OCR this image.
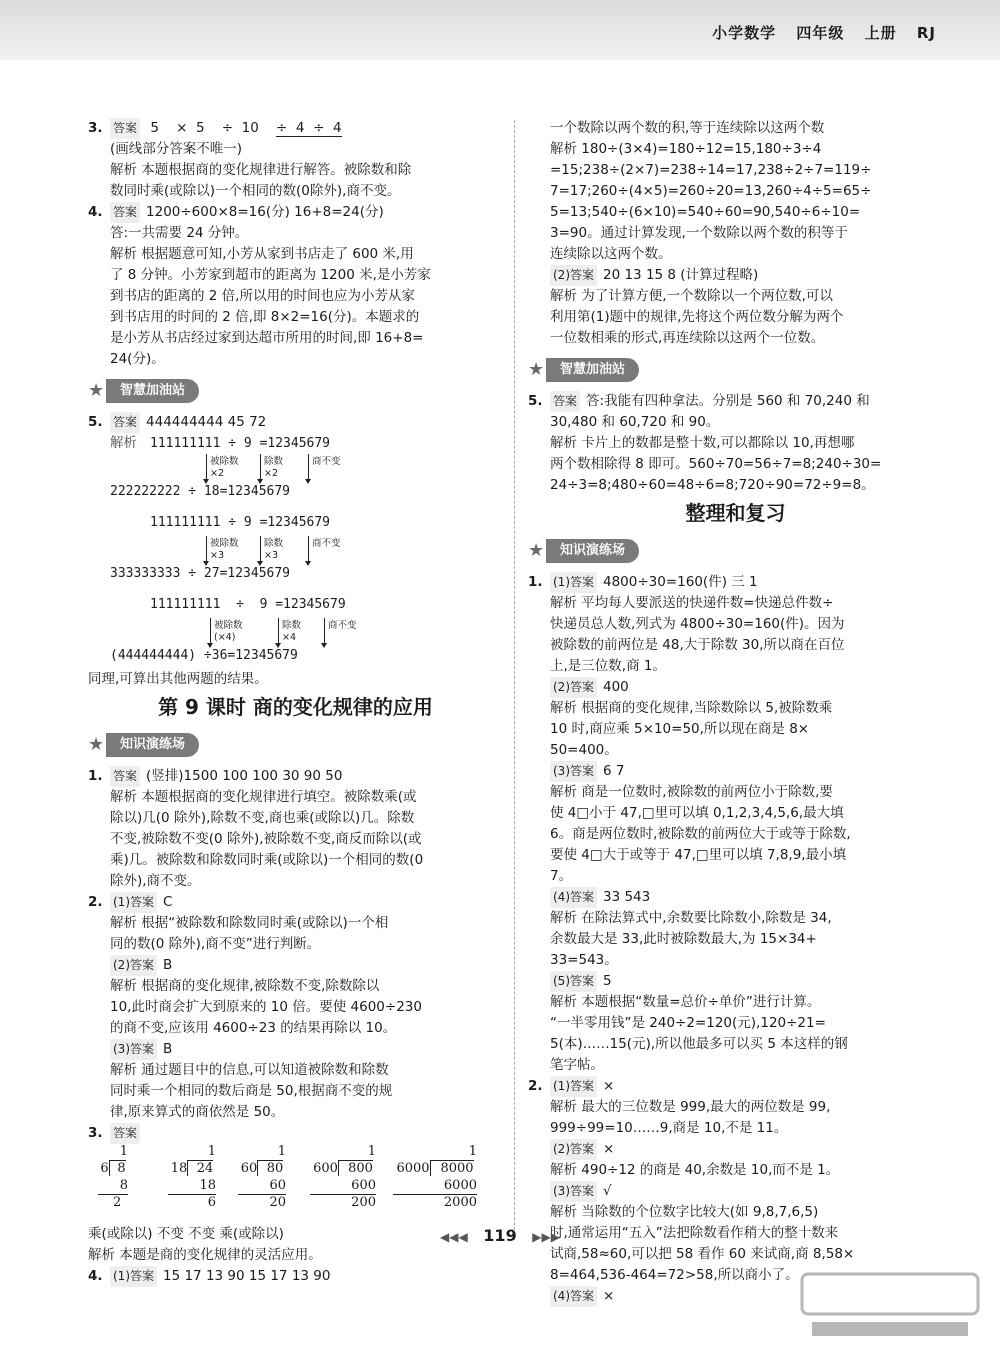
小学数学 四年级 上册 RJ
3. 答案 5 × 5 ÷ 10 ÷ 4 ÷ 4
(画线部分答案不唯一)
解析 本题根据商的变化规律进行解答。被除数和除
数同时乘(或除以)一个相同的数(0除外),商不变。
4. 答案 1200÷600×8=16(分) 16+8=24(分)
答:一共需要 24 分钟。
解析 根据题意可知,小芳从家到书店走了 600 米,用
了 8 分钟。小芳家到超市的距离为 1200 米,是小芳家
到书店的距离的 2 倍,所以用的时间也应为小芳从家
到书店用的时间的 2 倍,即 8×2=16(分)。本题求的
是小芳从书店经过家到达超市所用的时间,即 16+8=
24(分)。
★	智慧加油站
5. 答案 444444444 45 72
解析 111111111 ÷ 9 =12345679
被除数 ×2
除数 ×2
商不变
222222222 ÷ 18=12345679
111111111 ÷ 9 =12345679
被除数 ×3
除数 ×3
商不变
333333333 ÷ 27=12345679
111111111  ÷  9 =12345679
被除数 (×4)
除数 ×4
商不变
(444444444) ÷36=12345679
同理,可算出其他两题的结果。
第 9 课时 商的变化规律的应用
★	知识演练场
1. 答案 (竖排)1500 100 100 30 90 50
解析 本题根据商的变化规律进行填空。被除数乘(或
除以)几(0 除外),除数不变,商也乘(或除以)几。除数
不变,被除数不变(0 除外),被除数不变,商反而除以(或
乘)几。被除数和除数同时乘(或除以)一个相同的数(0
除外),商不变。
2. (1)答案 C
解析 根据“被除数和除数同时乘(或除以)一个相
同的数(0 除外),商不变”进行判断。
(2)答案 B
解析 根据商的变化规律,被除数不变,除数除以
10,此时商会扩大到原来的 10 倍。要使 4600÷230
的商不变,应该用 4600÷23 的结果再除以 10。
(3)答案 B
解析 通过题目中的信息,可以知道被除数和除数
同时乘一个相同的数后商是 50,根据商不变的规
律,原来算式的商依然是 50。
3. 答案
1
6 8
8
2
1
18 24
18
6
1
60 80
60
20
1
600 800
600
200
1
6000 8000
6000
2000
乘(或除以) 不变 不变 乘(或除以)
解析 本题是商的变化规律的灵活应用。
4. (1)答案 15 17 13 90 15 17 13 90
一个数除以两个数的积,等于连续除以这两个数
解析 180÷(3×4)=180÷12=15,180÷3÷4
=15;238÷(2×7)=238÷14=17,238÷2÷7=119÷
7=17;260÷(4×5)=260÷20=13,260÷4÷5=65÷
5=13;540÷(6×10)=540÷60=90,540÷6÷10=
3=90。通过计算发现,一个数除以两个数的积等于
连续除以这两个数。
(2)答案 20 13 15 8 (计算过程略)
解析 为了计算方便,一个数除以一个两位数,可以
利用第(1)题中的规律,先将这个两位数分解为两个
一位数相乘的形式,再连续除以这两个一位数。
★	智慧加油站
5. 答案 答:我能有四种拿法。分别是 560 和 70,240 和
30,480 和 60,720 和 90。
解析 卡片上的数都是整十数,可以都除以 10,再想哪
两个数相除得 8 即可。560÷70=56÷7=8;240÷30=
24÷3=8;480÷60=48÷6=8;720÷90=72÷9=8。
整理和复习
★	知识演练场
1. (1)答案 4800÷30=160(件) 三 1
解析 平均每人要派送的快递件数=快递总件数÷
快递员总人数,列式为 4800÷30=160(件)。因为
被除数的前两位是 48,大于除数 30,所以商在百位
上,是三位数,商 1。
(2)答案 400
解析 根据商的变化规律,当除数除以 5,被除数乘
10 时,商应乘 5×10=50,所以现在商是 8×
50=400。
(3)答案 6 7
解析 商是一位数时,被除数的前两位小于除数,要
使 4□小于 47,□里可以填 0,1,2,3,4,5,6,最大填
6。商是两位数时,被除数的前两位大于或等于除数,
要使 4□大于或等于 47,□里可以填 7,8,9,最小填
7。
(4)答案 33 543
解析 在除法算式中,余数要比除数小,除数是 34,
余数最大是 33,此时被除数最大,为 15×34+
33=543。
(5)答案 5
解析 本题根据“数量=总价÷单价”进行计算。
“一半零用钱”是 240÷2=120(元),120÷21=
5(本)……15(元),所以他最多可以买 5 本这样的钢
笔字帖。
2. (1)答案 ×
解析 最大的三位数是 999,最大的两位数是 99,
999÷99=10……9,商是 10,不是 11。
(2)答案 ×
解析 490÷12 的商是 40,余数是 10,而不是 1。
(3)答案 √
解析 当除数的个位数字比较大(如 9,8,7,6,5)
时,通常运用“五入”法把除数看作稍大的整十数来
试商,58≈60,可以把 58 看作 60 来试商,商 8,58×
8=464,536-464=72>58,所以商小了。
(4)答案 ×
◀◀◀ 119 ▶▶▶
